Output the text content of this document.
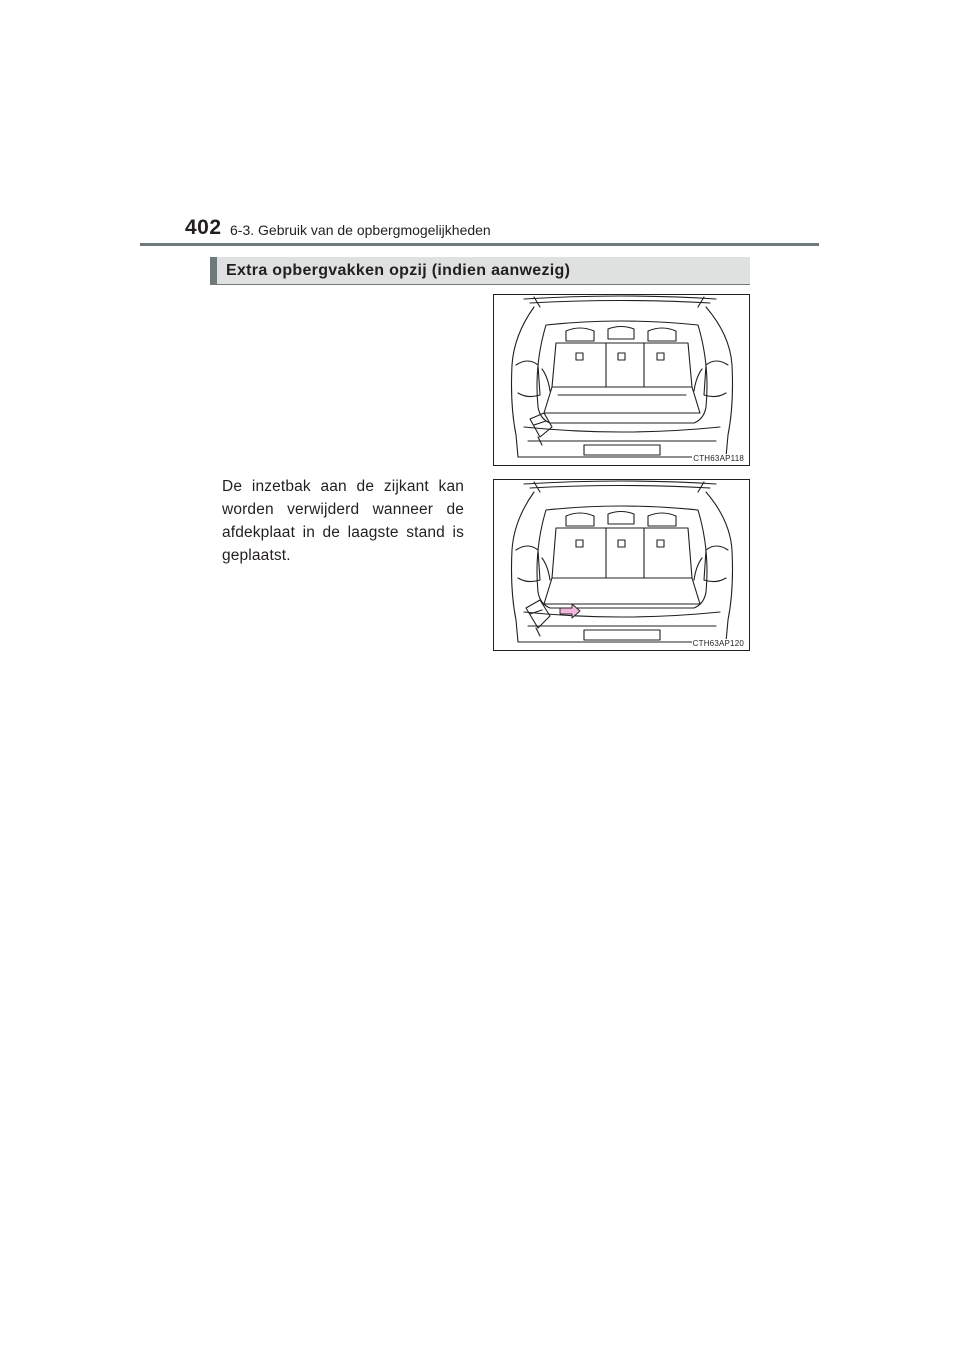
402 6-3. Gebruik van de opbergmogelijkheden
Extra opbergvakken opzij (indien aanwezig)
CTH63AP118
CTH63AP120

De inzetbak aan de zijkant kan worden verwijderd wanneer de afdekplaat in de laagste stand is geplaatst.
